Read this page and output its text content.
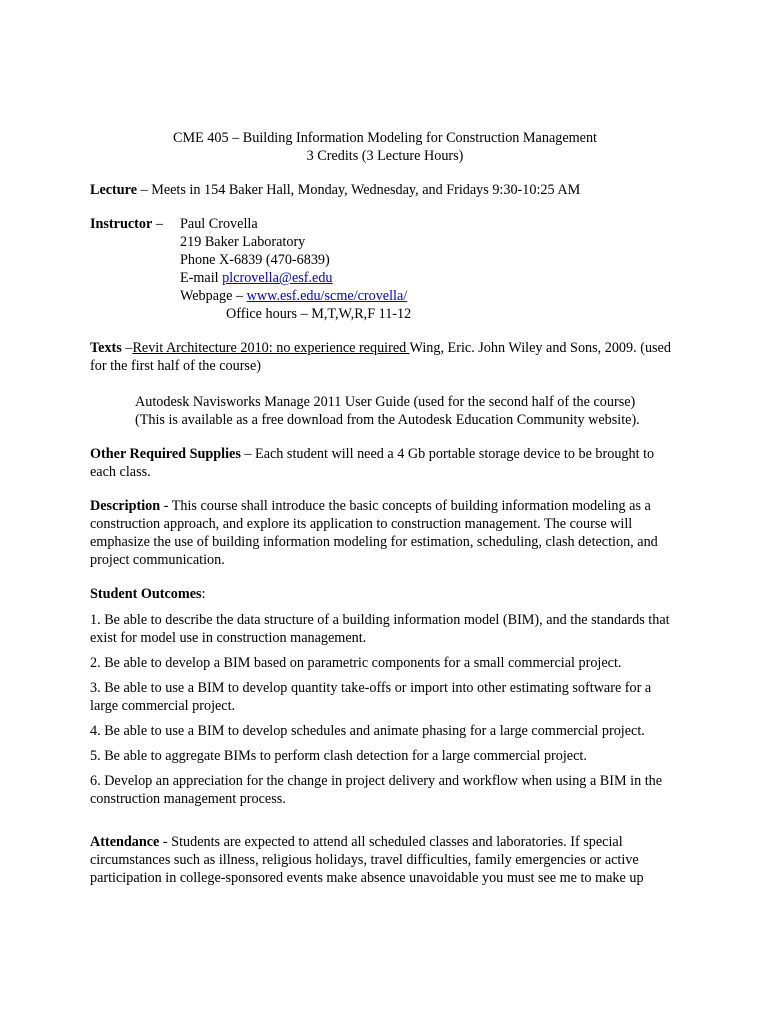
CME 405 – Building Information Modeling for Construction Management

3 Credits (3 Lecture Hours)

Lecture – Meets in 154 Baker Hall, Monday, Wednesday, and Fridays 9:30-10:25 AM

Instructor –	Paul Crovella

219 Baker Laboratory

Phone X-6839 (470-6839)

E-mail plcrovella@esf.edu

Webpage – www.esf.edu/scme/crovella/

Office hours – M,T,W,R,F 11-12

Texts –Revit Architecture 2010: no experience required Wing, Eric. John Wiley and Sons, 2009. (used for the first half of the course)

Autodesk Navisworks Manage 2011 User Guide (used for the second half of the course)

(This is available as a free download from the Autodesk Education Community website).

Other Required Supplies – Each student will need a 4 Gb portable storage device to be brought to each class.

Description - This course shall introduce the basic concepts of building information modeling as a construction approach, and explore its application to construction management. The course will emphasize the use of building information modeling for estimation, scheduling, clash detection, and project communication.

Student Outcomes:

1. Be able to describe the data structure of a building information model (BIM), and the standards that exist for model use in construction management.

2. Be able to develop a BIM based on parametric components for a small commercial project.

3. Be able to use a BIM to develop quantity take-offs or import into other estimating software for a large commercial project.

4. Be able to use a BIM to develop schedules and animate phasing for a large commercial project.

5. Be able to aggregate BIMs to perform clash detection for a large commercial project.

6. Develop an appreciation for the change in project delivery and workflow when using a BIM in the construction management process.

Attendance - Students are expected to attend all scheduled classes and laboratories. If special circumstances such as illness, religious holidays, travel difficulties, family emergencies or active participation in college-sponsored events make absence unavoidable you must see me to make up
